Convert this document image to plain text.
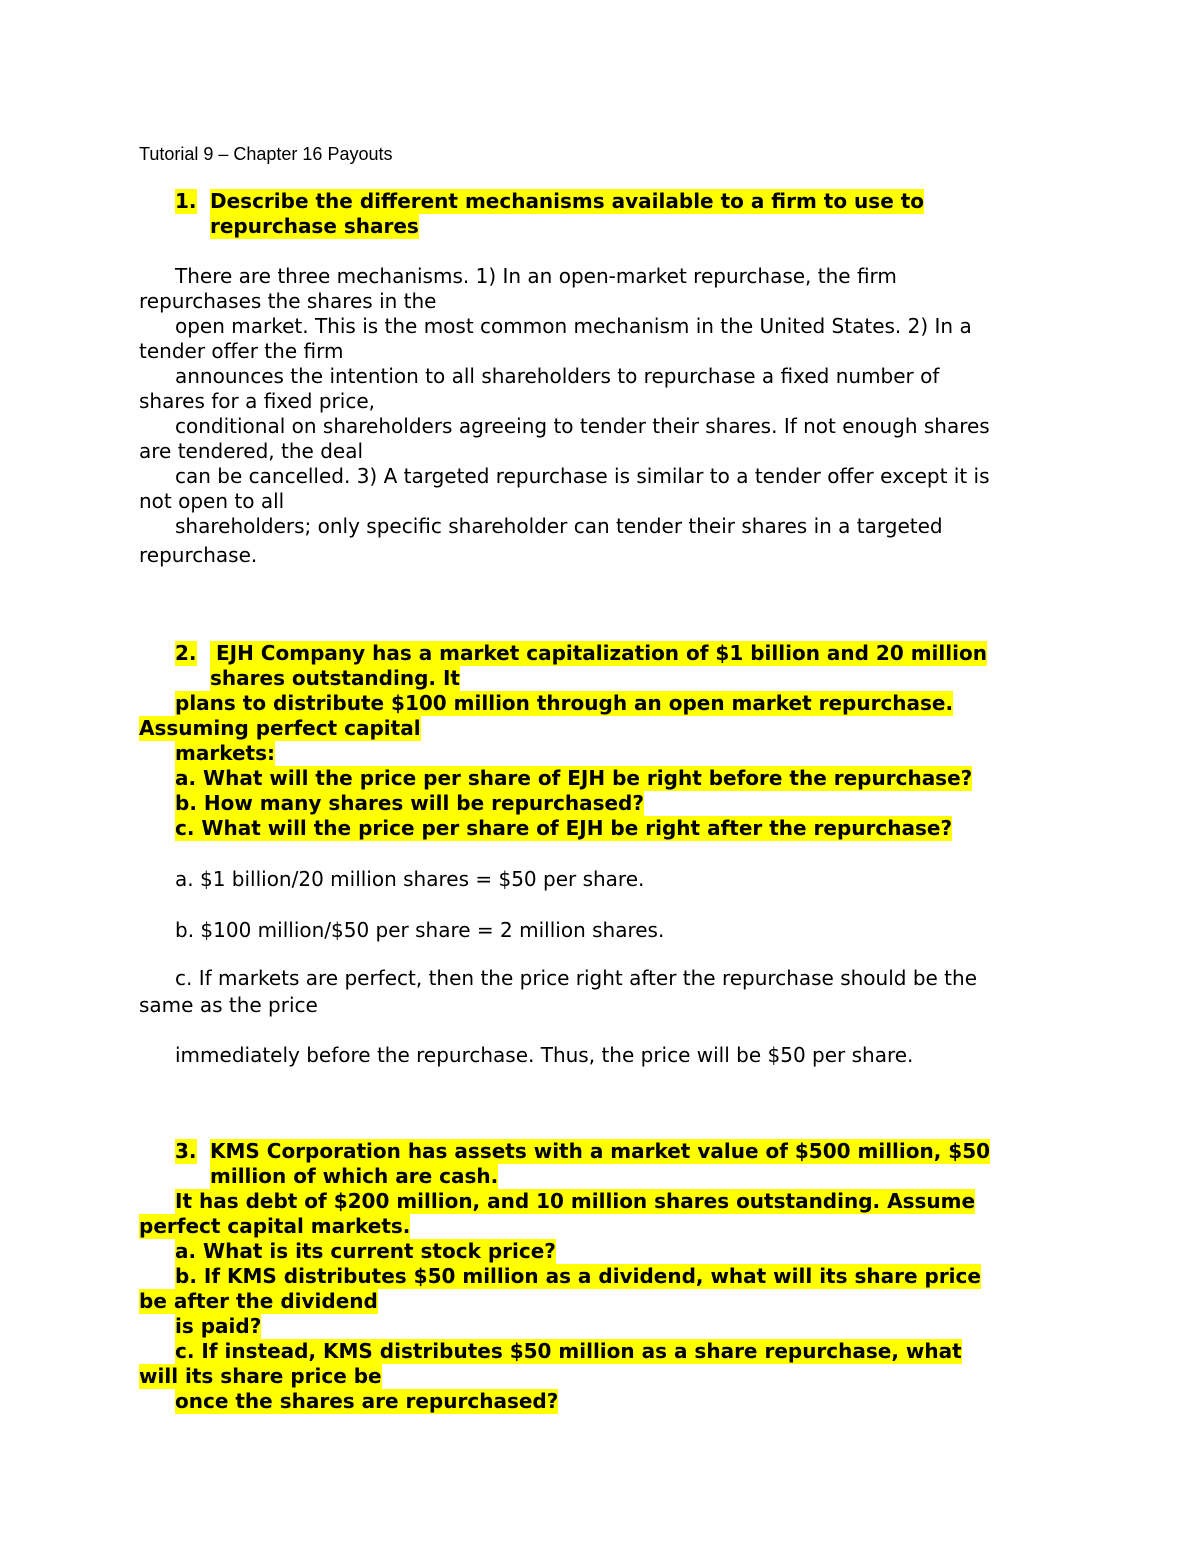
Tutorial 9 – Chapter 16 Payouts
1. Describe the different mechanisms available to a firm to use to
repurchase shares
There are three mechanisms. 1) In an open-market repurchase, the firm
repurchases the shares in the
open market. This is the most common mechanism in the United States. 2) In a
tender offer the firm
announces the intention to all shareholders to repurchase a fixed number of
shares for a fixed price,
conditional on shareholders agreeing to tender their shares. If not enough shares
are tendered, the deal
can be cancelled. 3) A targeted repurchase is similar to a tender offer except it is
not open to all
shareholders; only specific shareholder can tender their shares in a targeted
repurchase.
2. EJH Company has a market capitalization of $1 billion and 20 million
shares outstanding. It
plans to distribute $100 million through an open market repurchase.
Assuming perfect capital
markets:
a. What will the price per share of EJH be right before the repurchase?
b. How many shares will be repurchased?
c. What will the price per share of EJH be right after the repurchase?
a. $1 billion/20 million shares = $50 per share.
b. $100 million/$50 per share = 2 million shares.
c. If markets are perfect, then the price right after the repurchase should be the
same as the price
immediately before the repurchase. Thus, the price will be $50 per share.
3. KMS Corporation has assets with a market value of $500 million, $50
million of which are cash.
It has debt of $200 million, and 10 million shares outstanding. Assume
perfect capital markets.
a. What is its current stock price?
b. If KMS distributes $50 million as a dividend, what will its share price
be after the dividend
is paid?
c. If instead, KMS distributes $50 million as a share repurchase, what
will its share price be
once the shares are repurchased?
